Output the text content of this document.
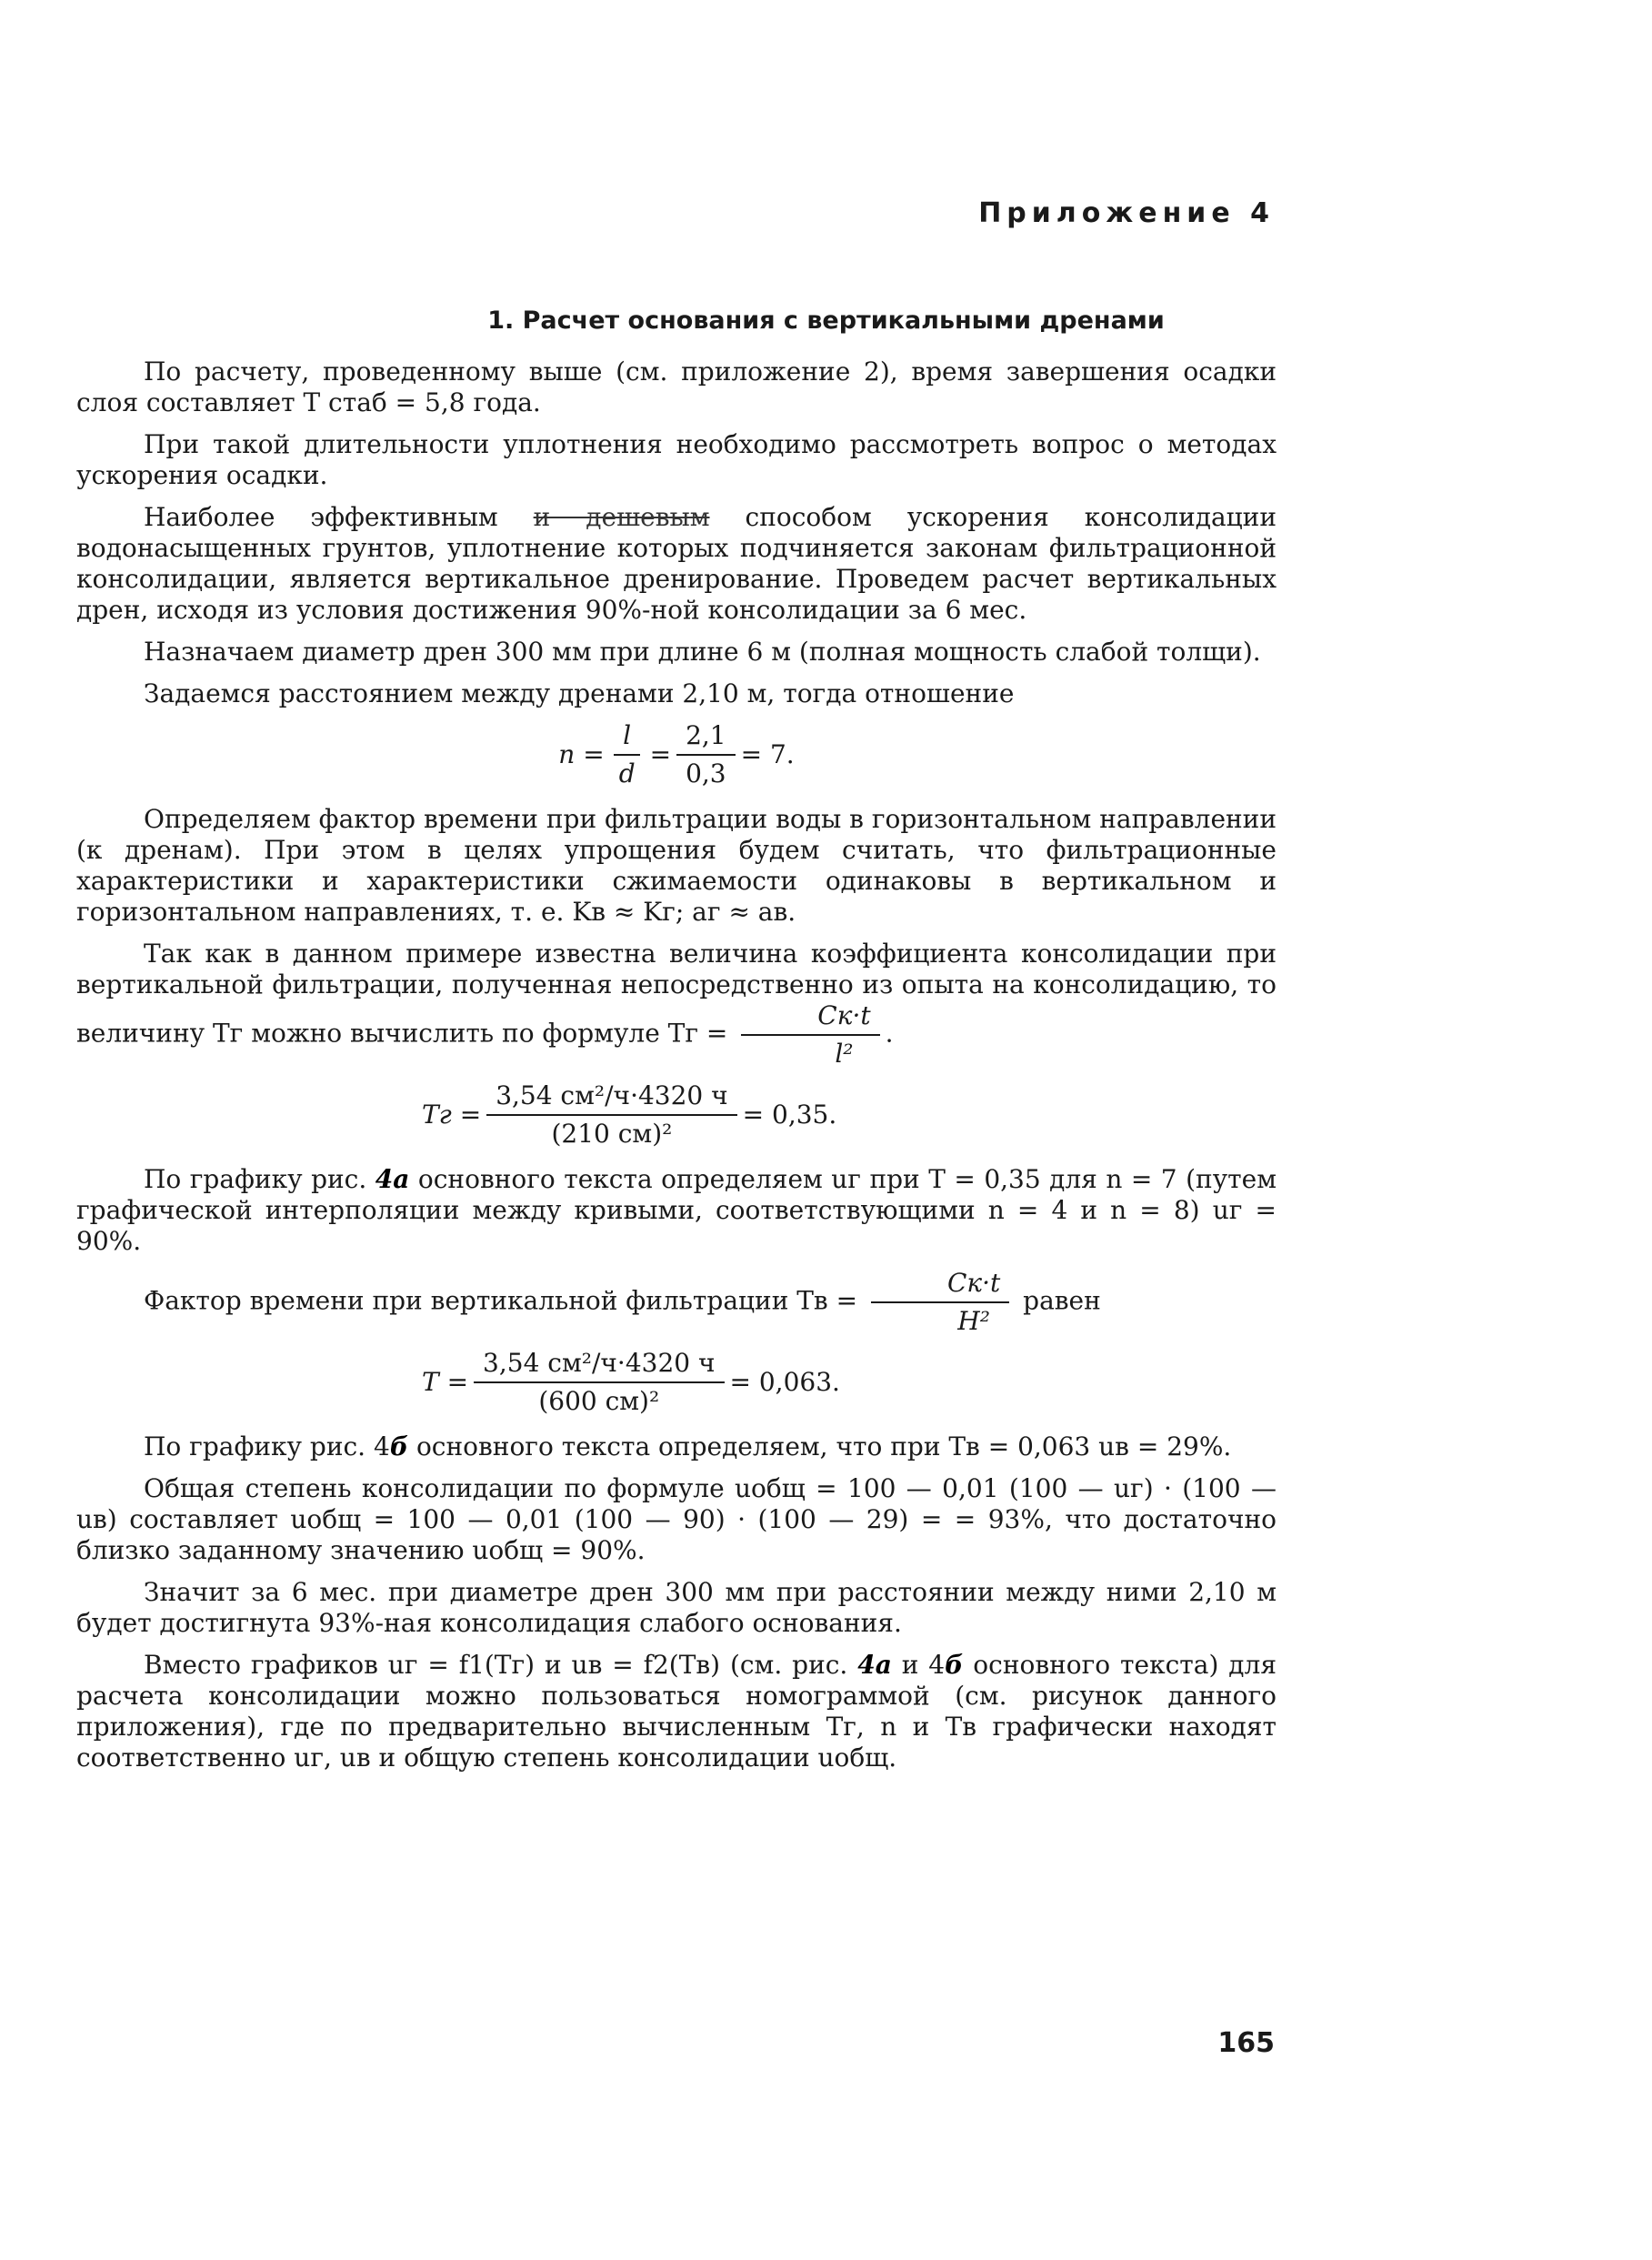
Приложение 4
1. Расчет основания с вертикальными дренами

По расчету, проведенному выше (см. приложение 2), время завершения осадки слоя составляет T стаб = 5,8 года.

При такой длительности уплотнения необходимо рассмотреть вопрос о методах ускорения осадки.

Наиболее эффективным и дешевым способом ускорения консолидации водонасыщенных грунтов, уплотнение которых подчиняется законам фильтрационной консолидации, является вертикальное дренирование. Проведем расчет вертикальных дрен, исходя из условия достижения 90%-ной консолидации за 6 мес.

Назначаем диаметр дрен 300 мм при длине 6 м (полная мощность слабой толщи).

Задаемся расстоянием между дренами 2,10 м, тогда отношение

$n = \frac{l}{d} = \frac{2,1}{0,3} = 7$.

Определяем фактор времени при фильтрации воды в горизонтальном направлении (к дренам). При этом в целях упрощения будем считать, что фильтрационные характеристики и характеристики сжимаемости одинаковы в вертикальном и горизонтальном направлениях, т. е. Kв ≈ Kг; aг ≈ aв.

Так как в данном примере известна величина коэффициента консолидации при вертикальной фильтрации, полученная непосредственно из опыта на консолидацию, то величину Tг можно вычислить по формуле Tг = $\frac{Cк\cdot t}{\text{l²}}$ .

Tг = $\frac{\text{3,54 см²/ч·4320 ч}}{\text{(210 см)²}} = 0,35$.

По графику рис. 4a основного текста определяем uг при T = 0,35 для n = 7 (путем графической интерполяции между кривыми, соответствующими n = 4 и n = 8) uг = 90%.

Фактор времени при вертикальной фильтрации Tв = $\frac{Cк\cdot t}{\text{H²}}$ равен

$T = \frac{\text{3,54 см²/ч·4320 ч}}{\text{(600 см)²}} = 0,063$.

По графику рис. 4б основного текста определяем, что при Tв = 0,063 uв = 29%.

Общая степень консолидации по формуле uобщ = 100 — 0,01 (100 — uг) · (100 — uв) составляет uобщ = 100 — 0,01 (100 — 90) · (100 — 29) = = 93%, что достаточно близко заданному значению uобщ = 90%.

Значит за 6 мес. при диаметре дрен 300 мм при расстоянии между ними 2,10 м будет достигнута 93%-ная консолидация слабого основания.

Вместо графиков uг = f1(Tг) и uв = f2(Tв) (см. рис. 4a и 4б основного текста) для расчета консолидации можно пользоваться номограммой (см. рисунок данного приложения), где по предварительно вычисленным Tг, n и Tв графически находят соответственно uг, uв и общую степень консолидации uобщ.

165
